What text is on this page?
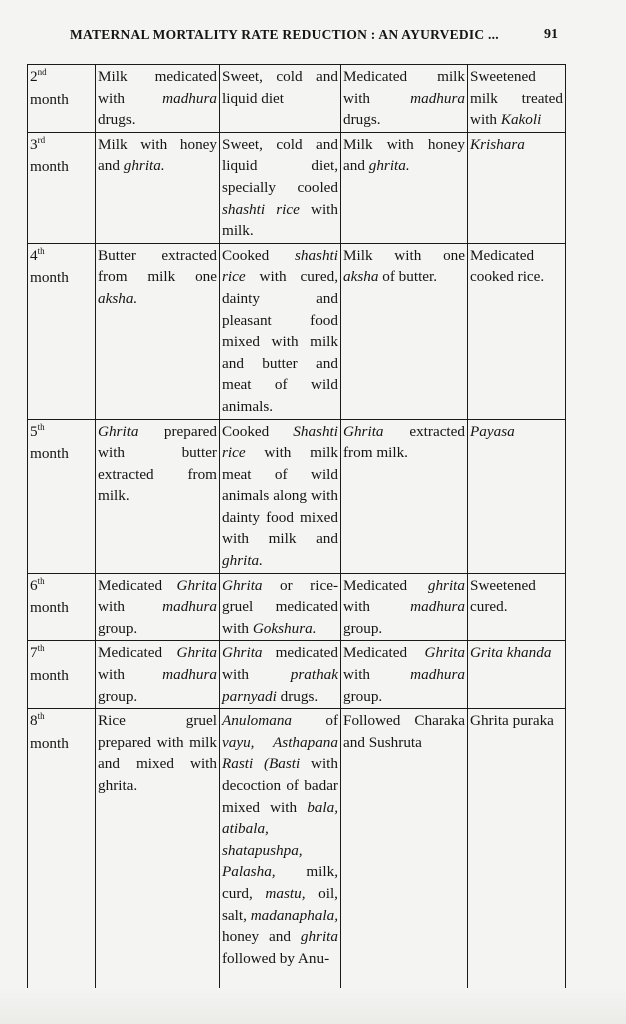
MATERNAL MORTALITY RATE REDUCTION : AN AYURVEDIC ...	91
2nd
month	Milk medicated with madhura drugs.	Sweet, cold and liquid diet	Medicated milk with madhura drugs.	Sweetened milk treated with Kakoli

3rd
month	Milk with honey and ghrita.	Sweet, cold and liquid diet, specially cooled shashti rice with milk.	Milk with honey and ghrita.	Krishara

4th
month	Butter extracted from milk one aksha.	Cooked shashti rice with cured, dainty and pleasant food mixed with milk and butter and meat of wild animals.	Milk with one aksha of butter.	Medicated cooked rice.

5th
month	Ghrita prepared with butter extracted from milk.	Cooked Shashti rice with milk meat of wild animals along with dainty food mixed with milk and ghrita.	Ghrita extracted from milk.	Payasa

6th
month	Medicated Ghrita with madhura group.	Ghrita or rice-gruel medicated with Gokshura.	Medicated ghrita with madhura group.	Sweetened cured.

7th
month	Medicated Ghrita with madhura group.	Ghrita medicated with prathak parnyadi drugs.	Medicated Ghrita with madhura group.	Grita khanda

8th
month	Rice gruel prepared with milk and mixed with ghrita.	Anulomana of vayu, Asthapana Rasti (Basti with decoction of badar mixed with bala, atibala, shatapushpa, Palasha, milk, curd, mastu, oil, salt, madanaphala, honey and ghrita followed by Anu-	Followed Charaka and Sushruta	Ghrita puraka
